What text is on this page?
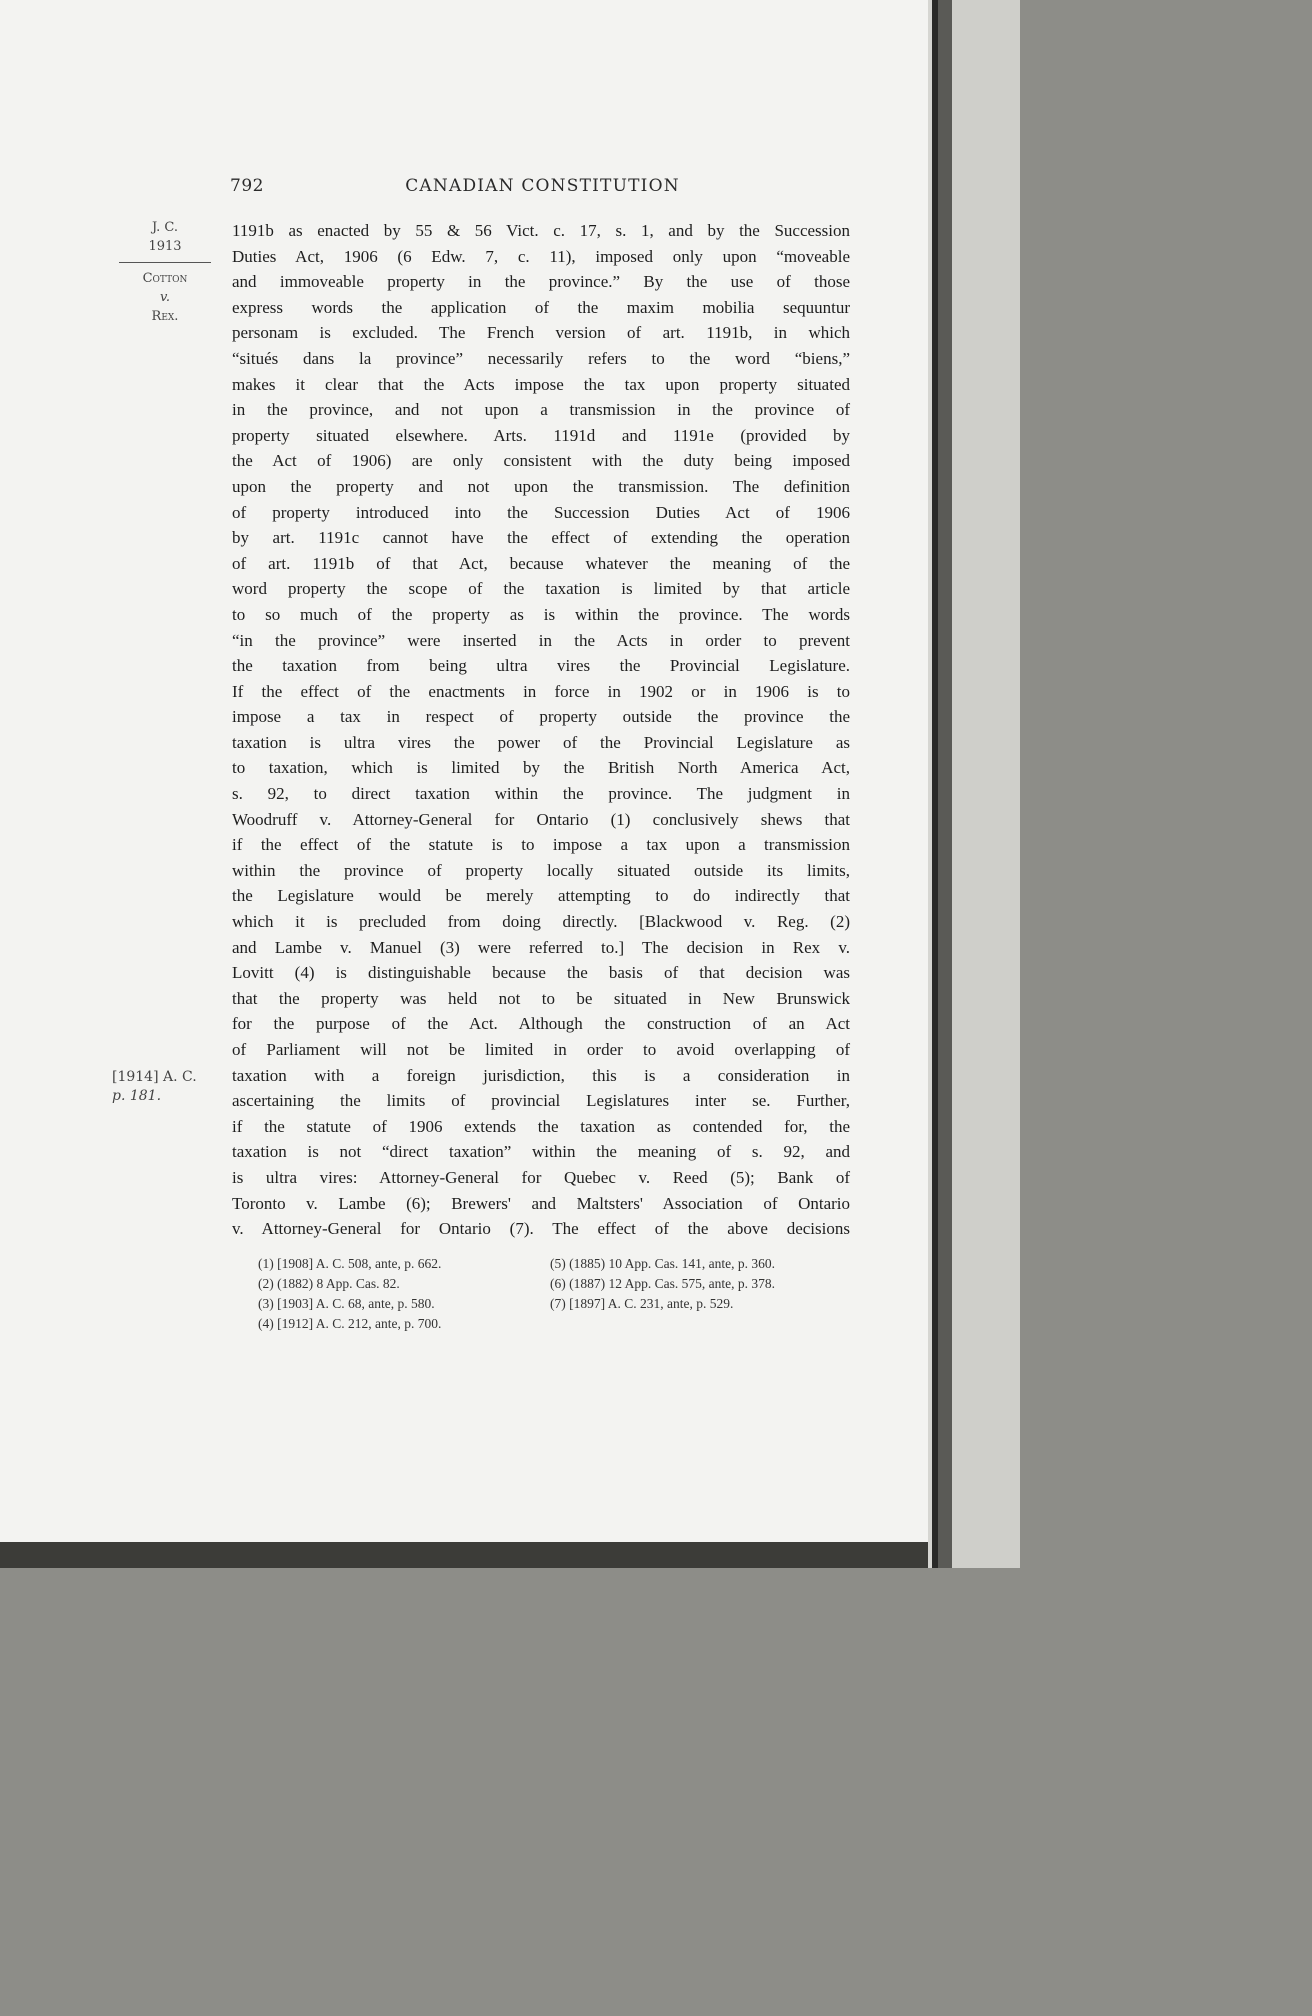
792	CANADIAN CONSTITUTION
J. C.
1913
Cotton
v.
Rex.
[1914] A. C.
p. 181.
1191b as enacted by 55 & 56 Vict. c. 17, s. 1, and by the Succession
Duties Act, 1906 (6 Edw. 7, c. 11), imposed only upon “moveable
and immoveable property in the province.” By the use of those
express words the application of the maxim mobilia sequuntur
personam is excluded. The French version of art. 1191b, in which
“situés dans la province” necessarily refers to the word “biens,”
makes it clear that the Acts impose the tax upon property situated
in the province, and not upon a transmission in the province of
property situated elsewhere. Arts. 1191d and 1191e (provided by
the Act of 1906) are only consistent with the duty being imposed
upon the property and not upon the transmission. The definition
of property introduced into the Succession Duties Act of 1906
by art. 1191c cannot have the effect of extending the operation
of art. 1191b of that Act, because whatever the meaning of the
word property the scope of the taxation is limited by that article
to so much of the property as is within the province. The words
“in the province” were inserted in the Acts in order to prevent
the taxation from being ultra vires the Provincial Legislature.
If the effect of the enactments in force in 1902 or in 1906 is to
impose a tax in respect of property outside the province the
taxation is ultra vires the power of the Provincial Legislature as
to taxation, which is limited by the British North America Act,
s. 92, to direct taxation within the province. The judgment in
Woodruff v. Attorney-General for Ontario (1) conclusively shews that
if the effect of the statute is to impose a tax upon a transmission
within the province of property locally situated outside its limits,
the Legislature would be merely attempting to do indirectly that
which it is precluded from doing directly. [Blackwood v. Reg. (2)
and Lambe v. Manuel (3) were referred to.] The decision in Rex v.
Lovitt (4) is distinguishable because the basis of that decision was
that the property was held not to be situated in New Brunswick
for the purpose of the Act. Although the construction of an Act
of Parliament will not be limited in order to avoid overlapping of
taxation with a foreign jurisdiction, this is a consideration in
ascertaining the limits of provincial Legislatures inter se. Further,
if the statute of 1906 extends the taxation as contended for, the
taxation is not “direct taxation” within the meaning of s. 92, and
is ultra vires: Attorney-General for Quebec v. Reed (5); Bank of
Toronto v. Lambe (6); Brewers' and Maltsters' Association of Ontario
v. Attorney-General for Ontario (7). The effect of the above decisions
(1) [1908] A. C. 508, ante, p. 662.
(2) (1882) 8 App. Cas. 82.
(3) [1903] A. C. 68, ante, p. 580.
(4) [1912] A. C. 212, ante, p. 700.
(5) (1885) 10 App. Cas. 141, ante, p. 360.
(6) (1887) 12 App. Cas. 575, ante, p. 378.
(7) [1897] A. C. 231, ante, p. 529.
